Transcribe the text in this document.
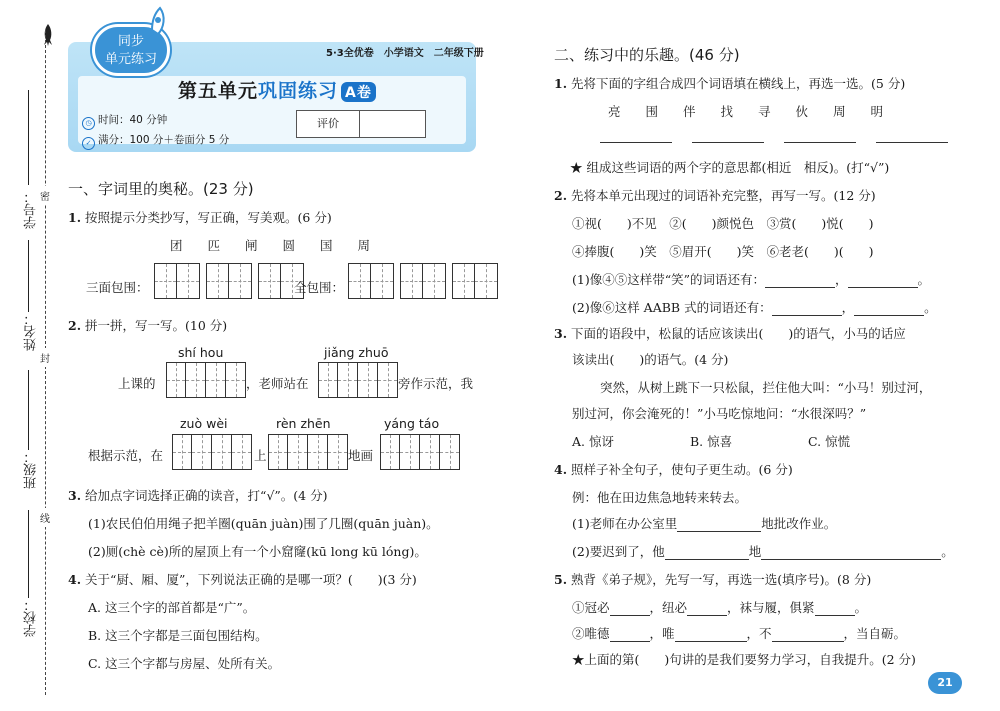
学号：
姓名：
班级：
学校：
密
封
线
同步
单元练习	5·3全优卷　小学语文　二年级下册
第五单元巩固练习 A卷
◷ 时间：40 分钟
✓ 满分：100 分＋卷面分 5 分
评价
一、字词里的奥秘。(23 分)
1. 按照提示分类抄写，写正确，写美观。(6 分)
团　　匹　　闸　　圆　　国　　周
三面包围：	全包围：
2. 拼一拼，写一写。(10 分)
shí hou	jiǎng zhuō
上课的	，老师站在	旁作示范，我
zuò wèi	rèn zhēn	yáng táo
根据示范，在	上	地画
3. 给加点字词选择正确的读音，打“√”。(4 分)
(1)农民伯伯用绳子把羊圈(quān juàn)围了几圈(quān juàn)。
(2)厕(chè cè)所的屋顶上有一个小窟窿(kū long kū lóng)。
4. 关于“厨、厢、厦”，下列说法正确的是哪一项？(　　)(3 分)
A. 这三个字的部首都是“广”。
B. 这三个字都是三面包围结构。
C. 这三个字都与房屋、处所有关。
二、练习中的乐趣。(46 分)
1. 先将下面的字组合成四个词语填在横线上，再选一选。(5 分)
亮　　围　　伴　　找　　寻　　伙　　周　　明
★ 组成这些词语的两个字的意思都(相近　相反)。(打“√”)
2. 先将本单元出现过的词语补充完整，再写一写。(12 分)
①视(　　)不见　②(　　)颜悦色　③赏(　　)悦(　　)
④捧腹(　　)笑　⑤眉开(　　)笑　⑥老老(　　)(　　)
(1)像④⑤这样带“笑”的词语还有：	，	。
(2)像⑥这样 AABB 式的词语还有：	，	。
3. 下面的语段中，松鼠的话应该读出(　　)的语气，小马的话应
该读出(　　)的语气。(4 分)
突然，从树上跳下一只松鼠，拦住他大叫：“小马！别过河，
别过河，你会淹死的！”小马吃惊地问：“水很深吗？”
A. 惊讶	B. 惊喜	C. 惊慌
4. 照样子补全句子，使句子更生动。(6 分)
例：他在田边焦急地转来转去。
(1)老师在办公室里	地批改作业。
(2)要迟到了，他	地	。
5. 熟背《弟子规》，先写一写，再选一选(填序号)。(8 分)
①冠必	，纽必	，袜与履，俱紧	。
②唯德	，唯	，不	，当自砺。
★上面的第(　　)句讲的是我们要努力学习，自我提升。(2 分)
21
